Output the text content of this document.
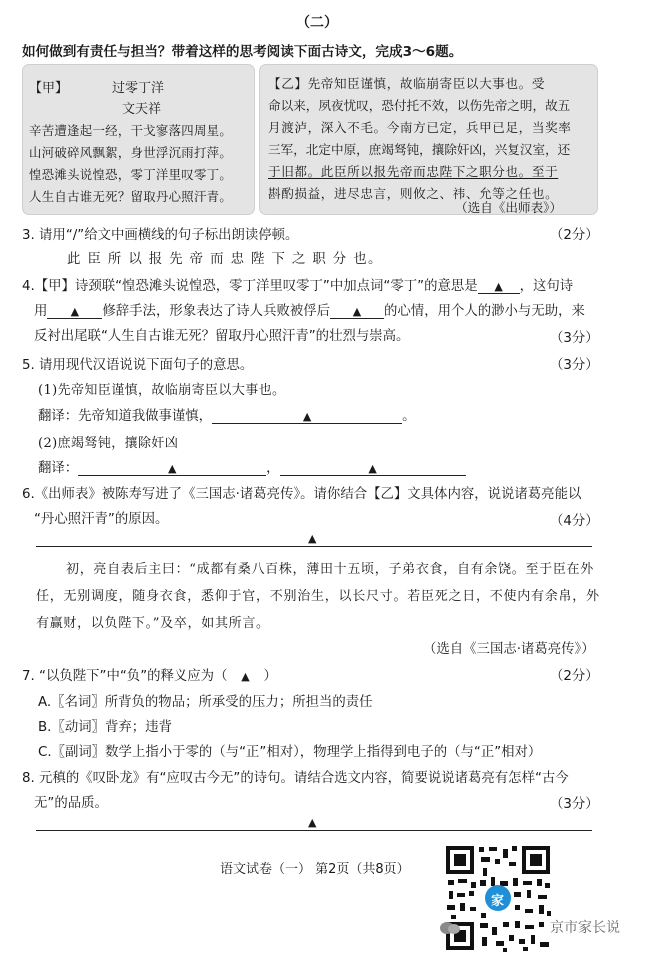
（二）
如何做到有责任与担当？带着这样的思考阅读下面古诗文，完成3～6题。
【甲】	过零丁洋
文天祥
辛苦遭逢起一经，干戈寥落四周星。
山河破碎风飘絮，身世浮沉雨打萍。
惶恐滩头说惶恐，零丁洋里叹零丁。
人生自古谁无死？留取丹心照汗青。
【乙】先帝知臣谨慎，故临崩寄臣以大事也。受
命以来，夙夜忧叹，恐付托不效，以伤先帝之明，故五
月渡泸，深入不毛。今南方已定，兵甲已足，当奖率
三军，北定中原，庶竭驽钝，攘除奸凶，兴复汉室，还
于旧都。此臣所以报先帝而忠陛下之职分也。至于
斟酌损益，进尽忠言，则攸之、祎、允等之任也。
（选自《出师表》）
3. 请用“/”给文中画横线的句子标出朗读停顿。	（2分）
此 臣 所 以 报 先 帝 而 忠 陛 下 之 职 分 也。
4.【甲】诗颈联“惶恐滩头说惶恐，零丁洋里叹零丁”中加点词“零丁”的意思是 ▲ ，这句诗
用 ▲ 修辞手法，形象表达了诗人兵败被俘后 ▲ 的心情，用个人的渺小与无助，来
反衬出尾联“人生自古谁无死？留取丹心照汗青”的壮烈与崇高。	（3分）
5. 请用现代汉语说说下面句子的意思。	（3分）
(1)先帝知臣谨慎，故临崩寄臣以大事也。
翻译：先帝知道我做事谨慎，	▲	。
(2)庶竭驽钝，攘除奸凶
翻译：	▲	，	▲
6.《出师表》被陈寿写进了《三国志·诸葛亮传》。请你结合【乙】文具体内容，说说诸葛亮能以
“丹心照汗青”的原因。	（4分）
▲
初，亮自表后主曰：“成都有桑八百株，薄田十五顷，子弟衣食，自有余饶。至于臣在外
任，无别调度，随身衣食，悉仰于官，不别治生，以长尺寸。若臣死之日，不使内有余帛，外
有赢财，以负陛下。”及卒，如其所言。
（选自《三国志·诸葛亮传》）
7. “以负陛下”中“负”的释义应为（ ▲ ）	（2分）
A.〖名词〗所背负的物品；所承受的压力；所担当的责任
B.〖动词〗背弃；违背
C.〖副词〗数学上指小于零的（与“正”相对），物理学上指得到电子的（与“正”相对）
8. 元稹的《叹卧龙》有“应叹古今无”的诗句。请结合选文内容，简要说说诸葛亮有怎样“古今
无”的品质。	（3分）
▲
语文试卷（一） 第2页（共8页）
家
京市家长说
